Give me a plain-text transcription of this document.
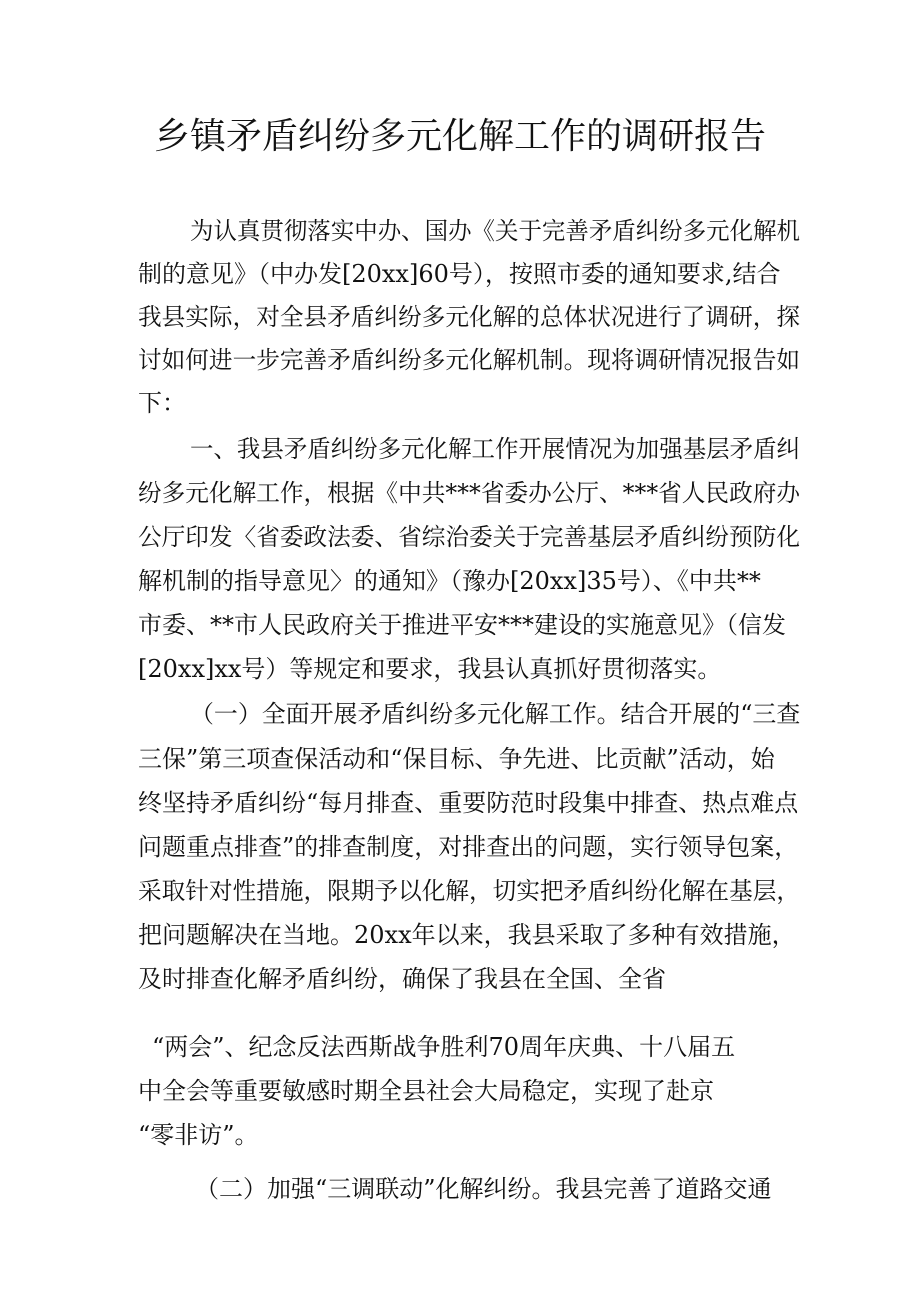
乡镇矛盾纠纷多元化解工作的调研报告

为认真贯彻落实中办、国办《关于完善矛盾纠纷多元化解机

制的意见》（中办发[20xx]60号），按照市委的通知要求,结合

我县实际，对全县矛盾纠纷多元化解的总体状况进行了调研，探

讨如何进一步完善矛盾纠纷多元化解机制。现将调研情况报告如

下：

一、我县矛盾纠纷多元化解工作开展情况为加强基层矛盾纠

纷多元化解工作，根据《中共***省委办公厅、***省人民政府办

公厅印发〈省委政法委、省综治委关于完善基层矛盾纠纷预防化

解机制的指导意见〉的通知》（豫办[20xx]35号）、《中共**

市委、**市人民政府关于推进平安***建设的实施意见》（信发

[20xx]xx号）等规定和要求，我县认真抓好贯彻落实。

（一）全面开展矛盾纠纷多元化解工作。结合开展的“三查

三保”第三项查保活动和“保目标、争先进、比贡献”活动，始

终坚持矛盾纠纷“每月排查、重要防范时段集中排查、热点难点

问题重点排查”的排查制度，对排查出的问题，实行领导包案，

采取针对性措施，限期予以化解，切实把矛盾纠纷化解在基层，

把问题解决在当地。20xx年以来，我县采取了多种有效措施，

及时排查化解矛盾纠纷，确保了我县在全国、全省

“两会”、纪念反法西斯战争胜利70周年庆典、十八届五

中全会等重要敏感时期全县社会大局稳定，实现了赴京

“零非访”。

（二）加强“三调联动”化解纠纷。我县完善了道路交通
